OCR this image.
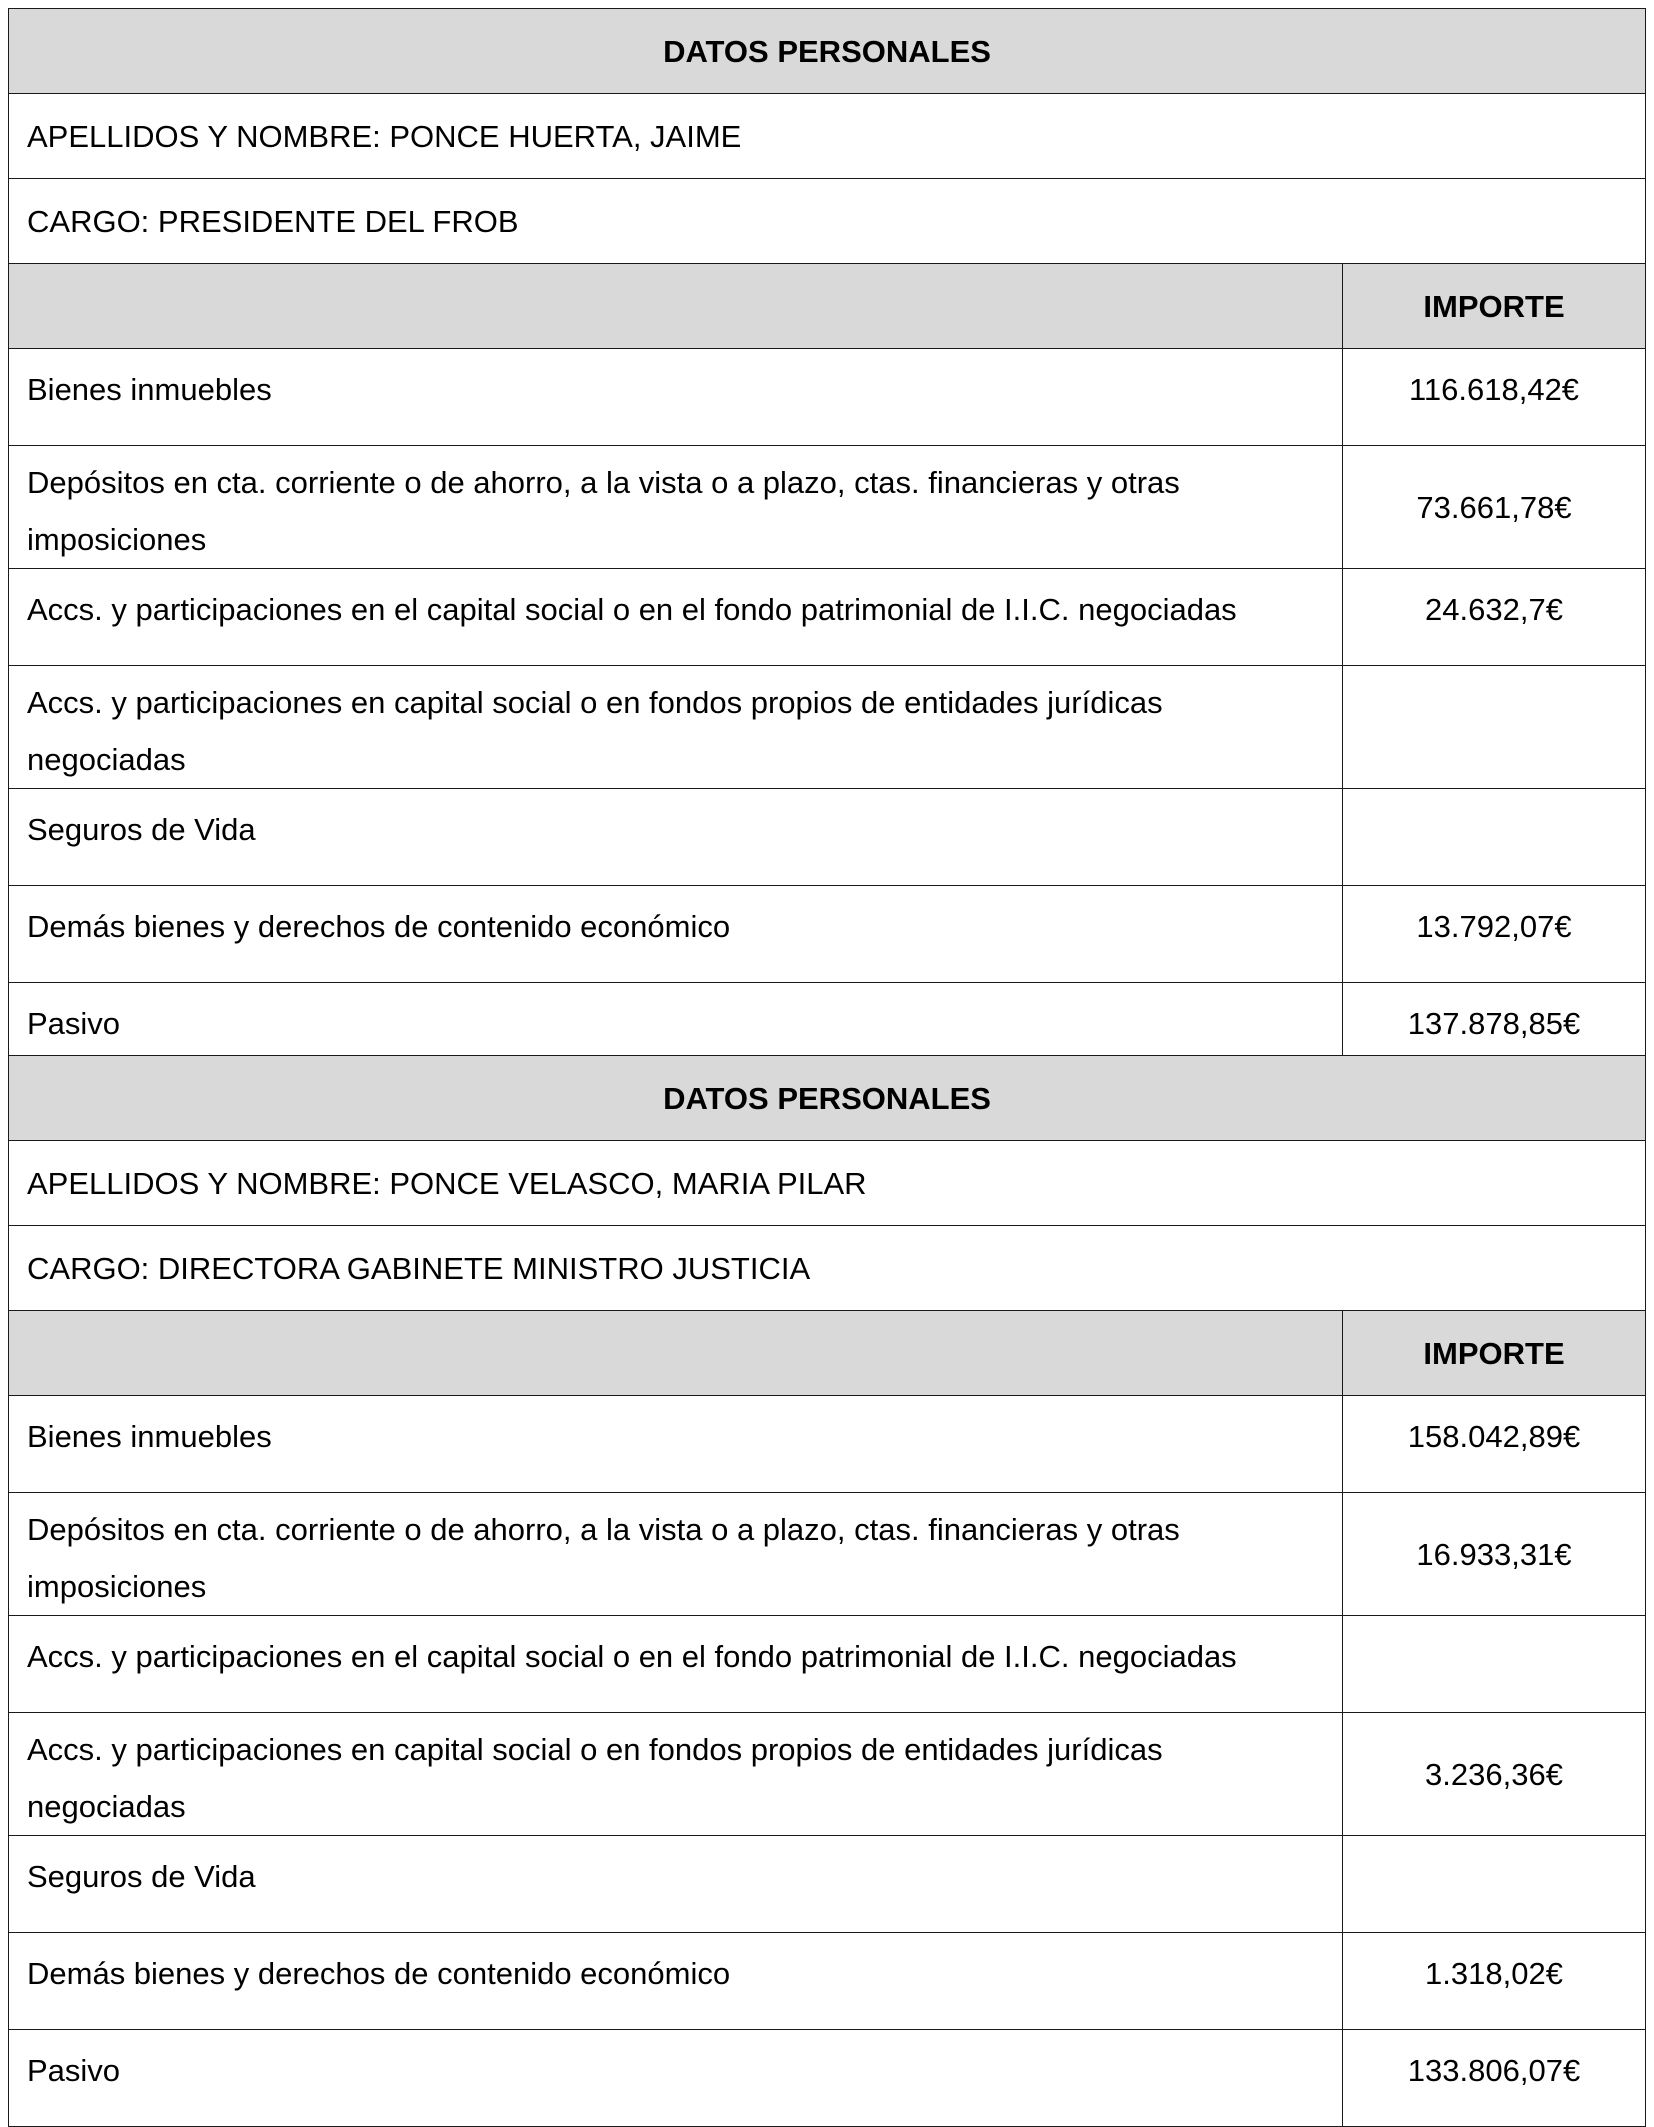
DATOS PERSONALES	
APELLIDOS Y NOMBRE: PONCE HUERTA, JAIME	
CARGO: PRESIDENTE DEL FROB	
	IMPORTE
Bienes inmuebles	116.618,42€
Depósitos en cta. corriente o de ahorro, a la vista o a plazo, ctas. financieras y otras imposiciones	73.661,78€
Accs. y participaciones en el capital social o en el fondo patrimonial de I.I.C. negociadas	24.632,7€
Accs. y participaciones en capital social o en fondos propios de entidades jurídicas negociadas	
Seguros de Vida	
Demás bienes y derechos de contenido económico	13.792,07€
Pasivo	137.878,85€
DATOS PERSONALES	
APELLIDOS Y NOMBRE: PONCE VELASCO, MARIA PILAR	
CARGO: DIRECTORA GABINETE MINISTRO JUSTICIA	
	IMPORTE
Bienes inmuebles	158.042,89€
Depósitos en cta. corriente o de ahorro, a la vista o a plazo, ctas. financieras y otras imposiciones	16.933,31€
Accs. y participaciones en el capital social o en el fondo patrimonial de I.I.C. negociadas	
Accs. y participaciones en capital social o en fondos propios de entidades jurídicas negociadas	3.236,36€
Seguros de Vida	
Demás bienes y derechos de contenido económico	1.318,02€
Pasivo	133.806,07€
